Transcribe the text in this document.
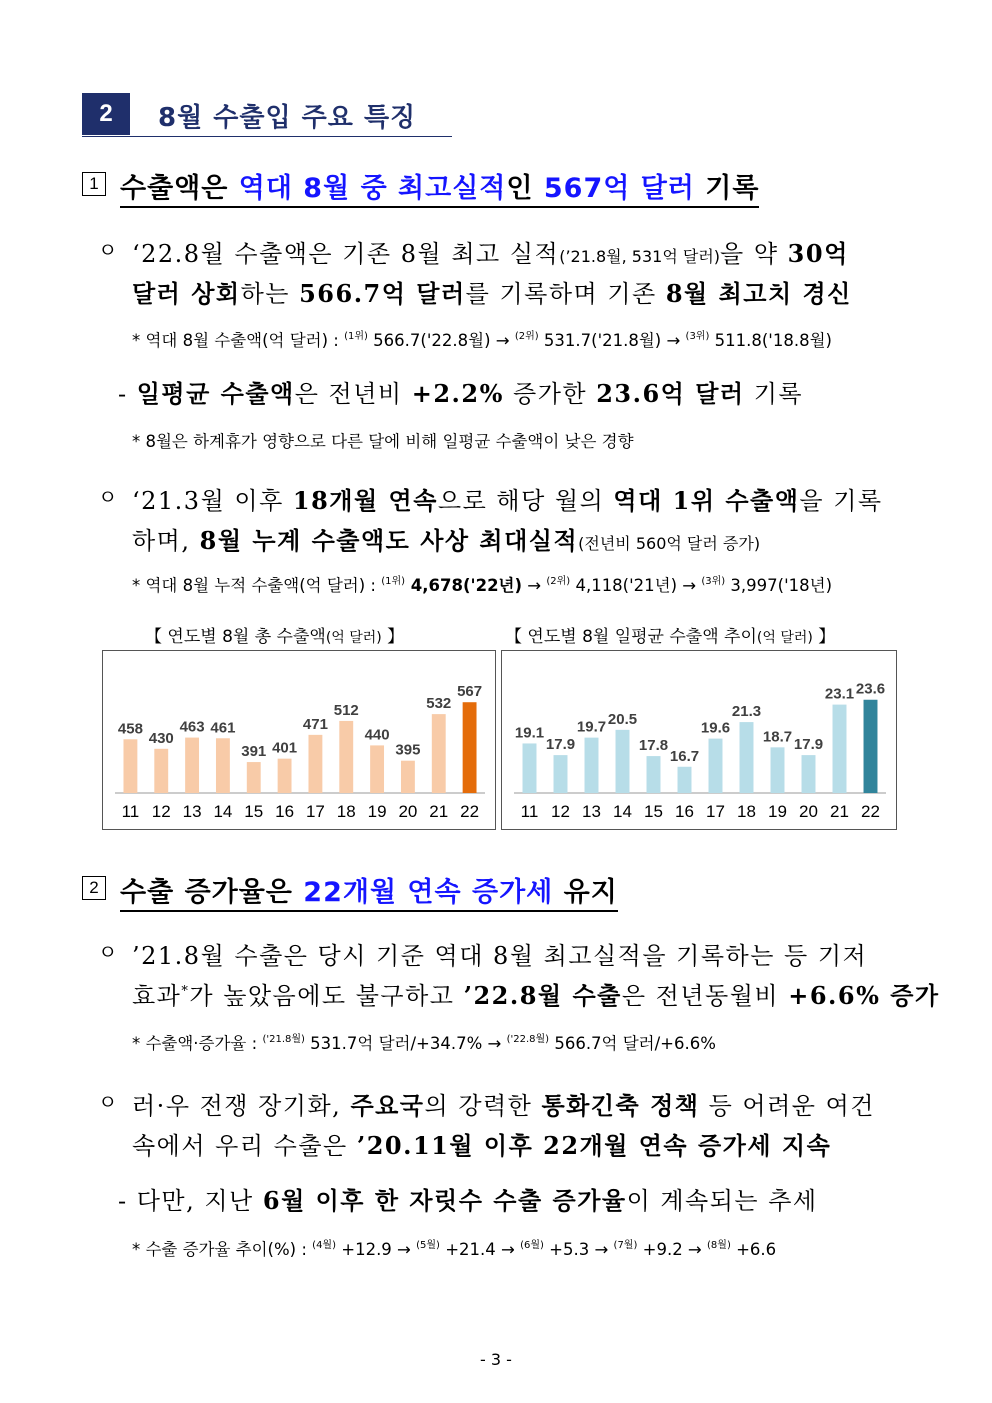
2	8월 수출입 주요 특징
1 수출액은 역대 8월 중 최고실적인 567억 달러 기록
ㅇ ‘22.8월 수출액은 기존 8월 최고 실적(’21.8월, 531억 달러)을 약 30억
달러 상회하는 566.7억 달러를 기록하며 기존 8월 최고치 경신
* 역대 8월 수출액(억 달러) : $^{(1위)}$ 566.7('22.8월) → $^{(2위)}$ 531.7('21.8월) → $^{(3위)}$ 511.8('18.8월)
- 일평균 수출액은 전년비 +2.2% 증가한 23.6억 달러 기록
* 8월은 하계휴가 영향으로 다른 달에 비해 일평균 수출액이 낮은 경향
ㅇ ‘21.3월 이후 18개월 연속으로 해당 월의 역대 1위 수출액을 기록
하며, 8월 누계 수출액도 사상 최대실적(전년비 560억 달러 증가)
* 역대 8월 누적 수출액(억 달러) : $^{(1위)}$ 4,678('22년) → $^{(2위)}$ 4,118('21년) → $^{(3위)}$ 3,997('18년)
【 연도별 8월 총 수출액(억 달러) 】	【 연도별 8월 일평균 수출액 추이(억 달러) 】
458
11
430
12
463
13
461
14
391
15
401
16
471
17
512
18
440
19
395
20
532
21
567
22
19.1
11
17.9
12
19.7
13
20.5
14
17.8
15
16.7
16
19.6
17
21.3
18
18.7
19
17.9
20
23.1
21
23.6
22
2 수출 증가율은 22개월 연속 증가세 유지
ㅇ ’21.8월 수출은 당시 기준 역대 8월 최고실적을 기록하는 등 기저
효과*가 높았음에도 불구하고 ’22.8월 수출은 전년동월비 +6.6% 증가
* 수출액·증가율 : $^{('21.8월)}$ 531.7억 달러/+34.7% → $^{('22.8월)}$ 566.7억 달러/+6.6%
ㅇ 러·우 전쟁 장기화, 주요국의 강력한 통화긴축 정책 등 어려운 여건
속에서 우리 수출은 ’20.11월 이후 22개월 연속 증가세 지속
- 다만, 지난 6월 이후 한 자릿수 수출 증가율이 계속되는 추세
* 수출 증가율 추이(%) : $^{(4월)}$ +12.9 → $^{(5월)}$ +21.4 → $^{(6월)}$ +5.3 → $^{(7월)}$ +9.2 → $^{(8월)}$ +6.6
- 3 -
